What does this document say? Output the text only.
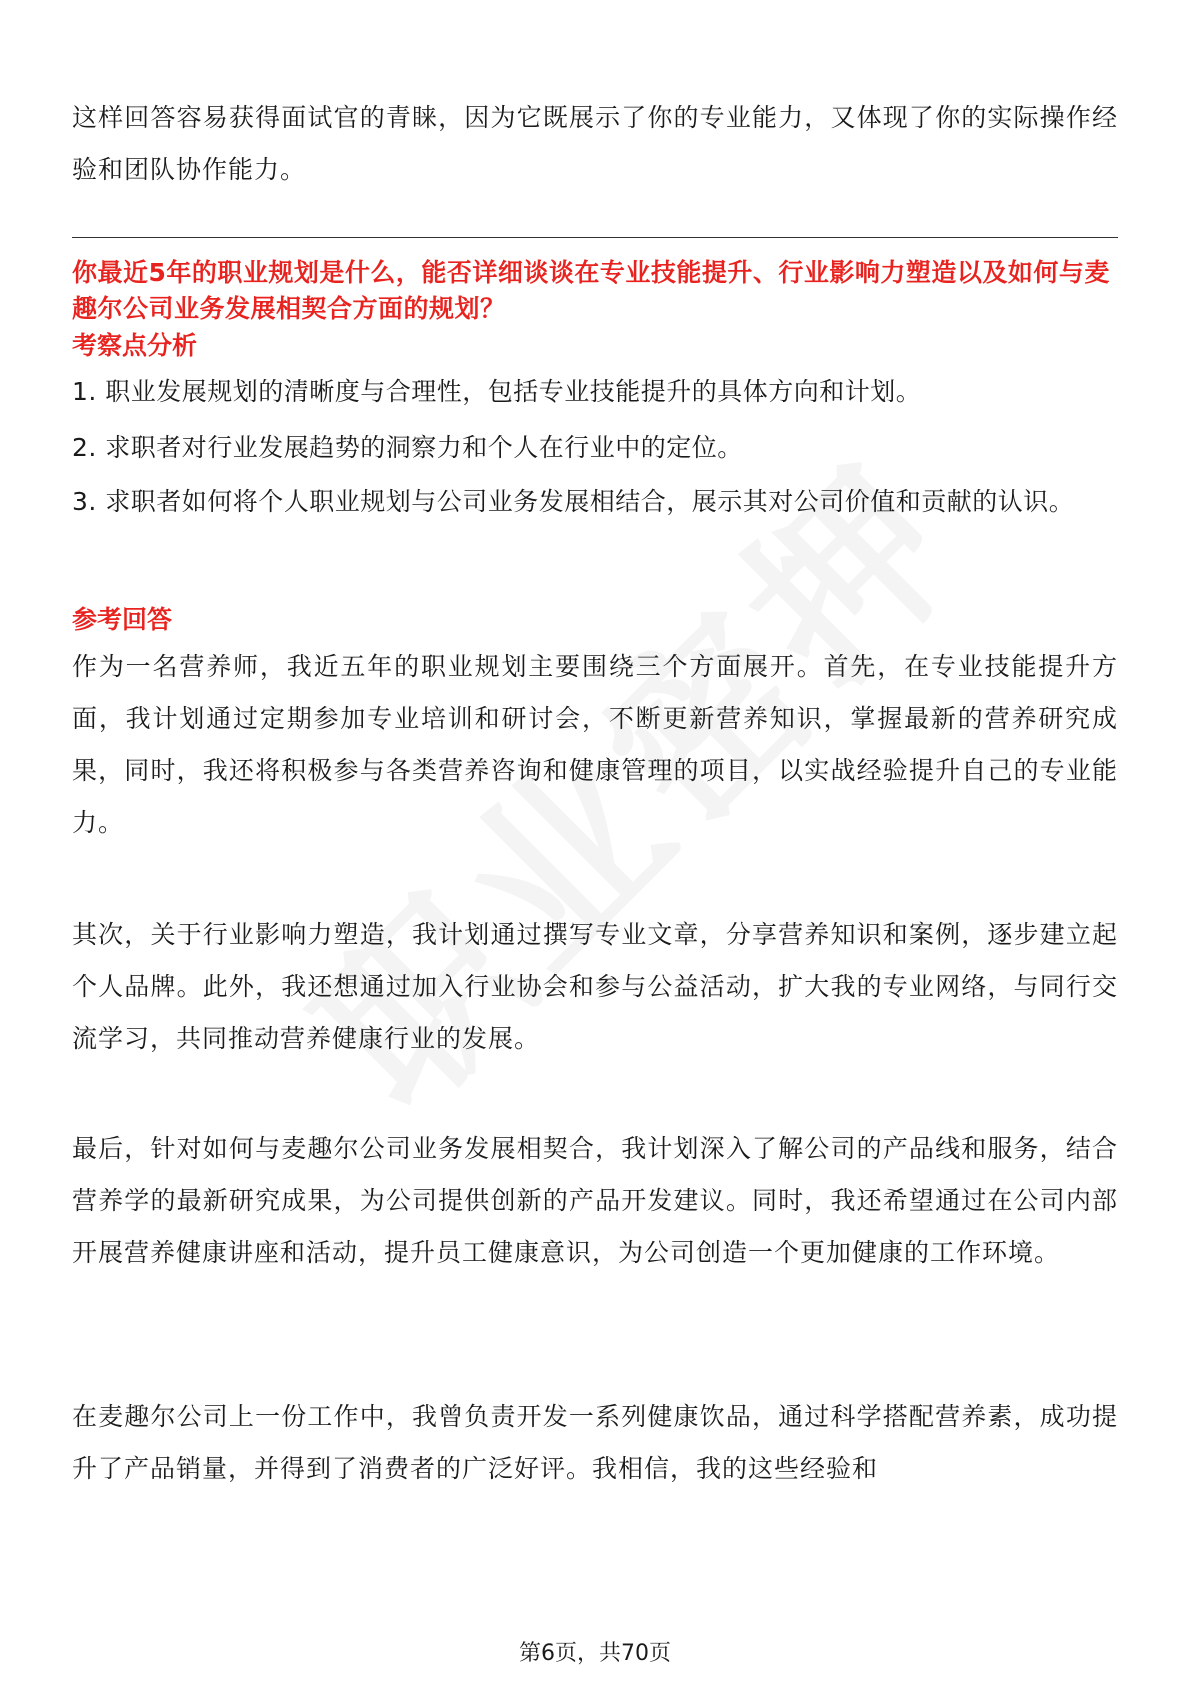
这样回答容易获得面试官的青睐，因为它既展示了你的专业能力，又体现了你的实际操作经验和团队协作能力。

你最近5年的职业规划是什么，能否详细谈谈在专业技能提升、行业影响力塑造以及如何与麦趣尔公司业务发展相契合方面的规划？

考察点分析

1. 职业发展规划的清晰度与合理性，包括专业技能提升的具体方向和计划。

2. 求职者对行业发展趋势的洞察力和个人在行业中的定位。

3. 求职者如何将个人职业规划与公司业务发展相结合，展示其对公司价值和贡献的认识。

参考回答

作为一名营养师，我近五年的职业规划主要围绕三个方面展开。首先，在专业技能提升方面，我计划通过定期参加专业培训和研讨会，不断更新营养知识，掌握最新的营养研究成果，同时，我还将积极参与各类营养咨询和健康管理的项目，以实战经验提升自己的专业能力。

其次，关于行业影响力塑造，我计划通过撰写专业文章，分享营养知识和案例，逐步建立起个人品牌。此外，我还想通过加入行业协会和参与公益活动，扩大我的专业网络，与同行交流学习，共同推动营养健康行业的发展。

最后，针对如何与麦趣尔公司业务发展相契合，我计划深入了解公司的产品线和服务，结合营养学的最新研究成果，为公司提供创新的产品开发建议。同时，我还希望通过在公司内部开展营养健康讲座和活动，提升员工健康意识，为公司创造一个更加健康的工作环境。

在麦趣尔公司上一份工作中，我曾负责开发一系列健康饮品，通过科学搭配营养素，成功提升了产品销量，并得到了消费者的广泛好评。我相信，我的这些经验和

第6页，共70页
